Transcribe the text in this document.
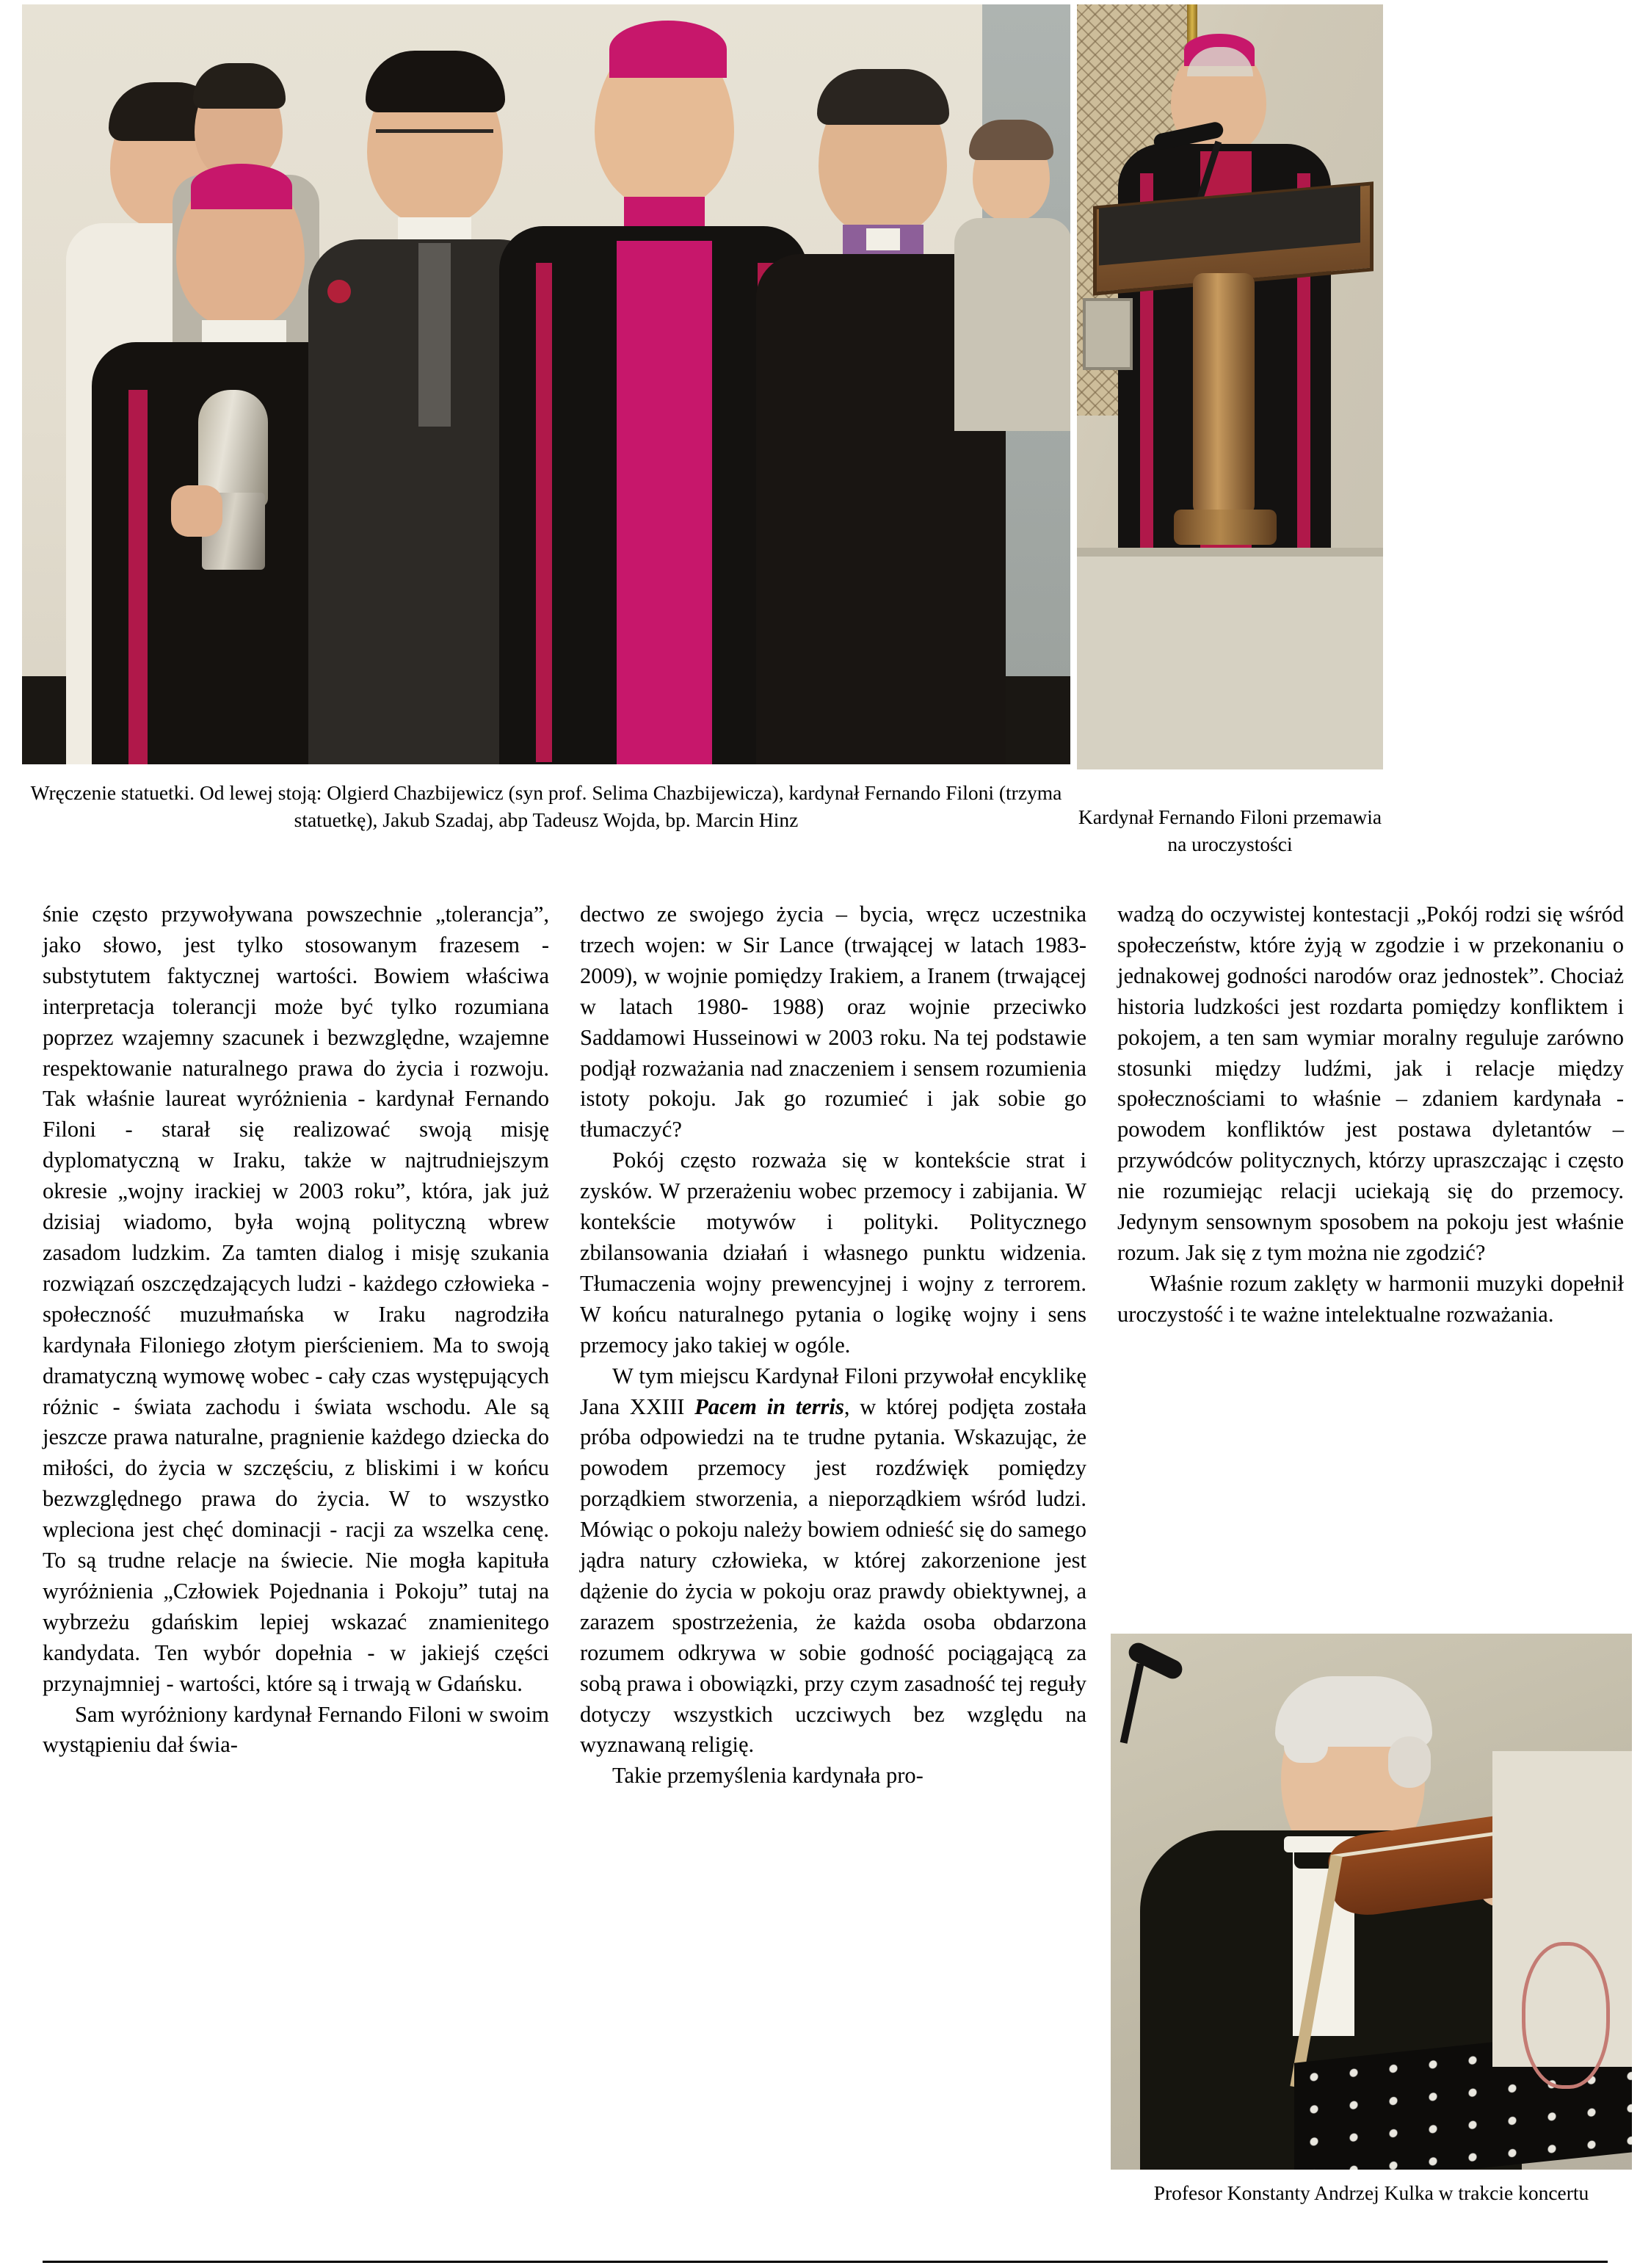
Wręczenie statuetki. Od lewej stoją: Olgierd Chazbijewicz (syn prof. Selima Chazbijewicza), kardynał Fernando Filoni (trzyma statuetkę), Jakub Szadaj, abp Tadeusz Wojda, bp. Marcin Hinz	Kardynał Fernando Filoni przemawia na uroczystości
Profesor Konstanty Andrzej Kulka w trakcie koncertu

śnie często przywoływana powszechnie „tolerancja”, jako słowo, jest tylko stosowanym frazesem - substytutem faktycznej wartości. Bowiem właściwa interpretacja tolerancji może być tylko rozumiana poprzez wzajemny szacunek i bezwzględne, wzajemne respektowanie naturalnego prawa do życia i rozwoju. Tak właśnie laureat wyróżnienia - kardynał Fernando Filoni - starał się realizować swoją misję dyplomatyczną w Iraku, także w najtrudniejszym okresie „wojny irackiej w 2003 roku”, która, jak już dzisiaj wiadomo, była wojną polityczną wbrew zasadom ludzkim. Za tamten dialog i misję szukania rozwiązań oszczędzających ludzi - każdego człowieka - społeczność muzułmańska w Iraku nagrodziła kardynała Filoniego złotym pierścieniem. Ma to swoją dramatyczną wymowę wobec - cały czas występujących różnic - świata zachodu i świata wschodu. Ale są jeszcze prawa naturalne, pragnienie każdego dziecka do miłości, do życia w szczęściu, z bliskimi i w końcu bezwzględnego prawa do życia. W to wszystko wpleciona jest chęć dominacji - racji za wszelka cenę. To są trudne relacje na świecie. Nie mogła kapituła wyróżnienia „Człowiek Pojednania i Pokoju” tutaj na wybrzeżu gdańskim lepiej wskazać znamienitego kandydata. Ten wybór dopełnia - w jakiejś części przynajmniej - wartości, które są i trwają w Gdańsku.

Sam wyróżniony kardynał Fernando Filoni w swoim wystąpieniu dał świa-

dectwo ze swojego życia – bycia, wręcz uczestnika trzech wojen: w Sir Lance (trwającej w latach 1983-2009), w wojnie pomiędzy Irakiem, a Iranem (trwającej w latach 1980- 1988) oraz wojnie przeciwko Saddamowi Husseinowi w 2003 roku. Na tej podstawie podjął rozważania nad znaczeniem i sensem rozumienia istoty pokoju. Jak go rozumieć i jak sobie go tłumaczyć?

Pokój często rozważa się w kontekście strat i zysków. W przerażeniu wobec przemocy i zabijania. W kontekście motywów i polityki. Politycznego zbilansowania działań i własnego punktu widzenia. Tłumaczenia wojny prewencyjnej i wojny z terrorem. W końcu naturalnego pytania o logikę wojny i sens przemocy jako takiej w ogóle.

W tym miejscu Kardynał Filoni przywołał encyklikę Jana XXIII Pacem in terris, w której podjęta została próba odpowiedzi na te trudne pytania. Wskazując, że powodem przemocy jest rozdźwięk pomiędzy porządkiem stworzenia, a nieporządkiem wśród ludzi. Mówiąc o pokoju należy bowiem odnieść się do samego jądra natury człowieka, w której zakorzenione jest dążenie do życia w pokoju oraz prawdy obiektywnej, a zarazem spostrzeżenia, że każda osoba obdarzona rozumem odkrywa w sobie godność pociągającą za sobą prawa i obowiązki, przy czym zasadność tej reguły dotyczy wszystkich uczciwych bez względu na wyznawaną religię.

Takie przemyślenia kardynała pro-

wadzą do oczywistej kontestacji „Pokój rodzi się wśród społeczeństw, które żyją w zgodzie i w przekonaniu o jednakowej godności narodów oraz jednostek”. Chociaż historia ludzkości jest rozdarta pomiędzy konfliktem i pokojem, a ten sam wymiar moralny reguluje zarówno stosunki między ludźmi, jak i relacje między społecznościami to właśnie – zdaniem kardynała - powodem konfliktów jest postawa dyletantów – przywódców politycznych, którzy upraszczając i często nie rozumiejąc relacji uciekają się do przemocy. Jedynym sensownym sposobem na pokoju jest właśnie rozum. Jak się z tym można nie zgodzić?

Właśnie rozum zaklęty w harmonii muzyki dopełnił uroczystość i te ważne intelektualne rozważania.
